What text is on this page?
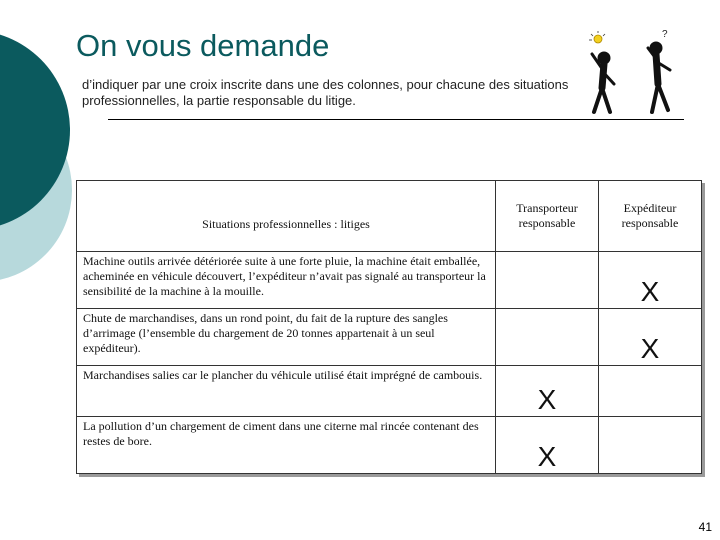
On vous demande
d’indiquer par une croix inscrite dans une des colonnes, pour chacune des situations professionnelles, la partie responsable du litige.
?
Situations professionnelles : litiges	Transporteur responsable	Expéditeur responsable
Machine outils arrivée détériorée suite à une forte pluie, la machine était emballée, acheminée en véhicule découvert, l’expéditeur n’avait pas signalé au transporteur la sensibilité de la machine à la mouille.		X
Chute de marchandises, dans un rond point, du fait de la rupture des sangles d’arrimage (l’ensemble du chargement de 20 tonnes appartenait à un seul expéditeur).		X
Marchandises salies car le plancher du véhicule utilisé était imprégné de cambouis.	X	
La pollution d’un chargement de ciment dans une citerne mal rincée contenant des restes de bore.	X	
41
